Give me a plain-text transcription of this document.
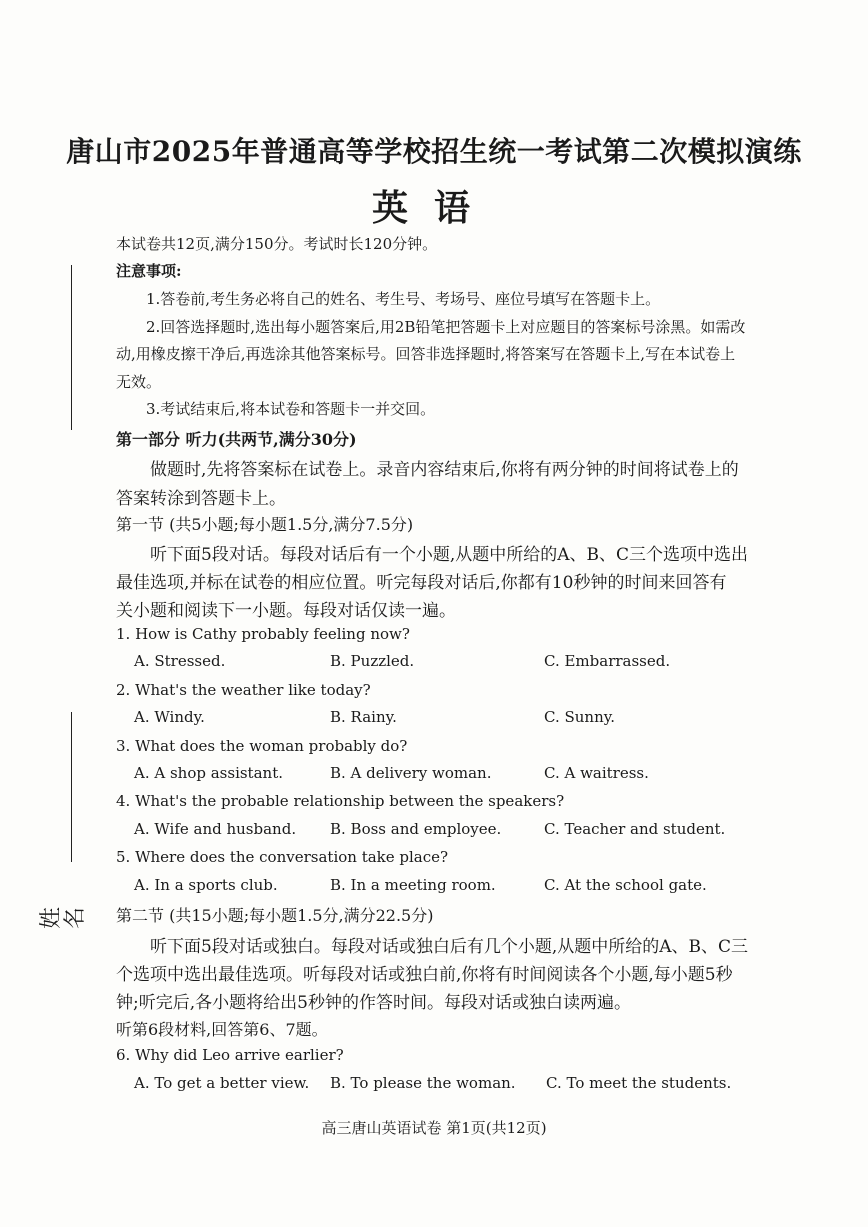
唐山市2025年普通高等学校招生统一考试第二次模拟演练
英语
本试卷共12页,满分150分。考试时长120分钟。
注意事项:
1.答卷前,考生务必将自己的姓名、考生号、考场号、座位号填写在答题卡上。
2.回答选择题时,选出每小题答案后,用2B铅笔把答题卡上对应题目的答案标号涂黑。如需改
动,用橡皮擦干净后,再选涂其他答案标号。回答非选择题时,将答案写在答题卡上,写在本试卷上
无效。
3.考试结束后,将本试卷和答题卡一并交回。
第一部分 听力(共两节,满分30分)
做题时,先将答案标在试卷上。录音内容结束后,你将有两分钟的时间将试卷上的
答案转涂到答题卡上。
第一节 (共5小题;每小题1.5分,满分7.5分)
听下面5段对话。每段对话后有一个小题,从题中所给的A、B、C三个选项中选出
最佳选项,并标在试卷的相应位置。听完每段对话后,你都有10秒钟的时间来回答有
关小题和阅读下一小题。每段对话仅读一遍。
1. How is Cathy probably feeling now?
A. Stressed.	B. Puzzled.	C. Embarrassed.
2. What's the weather like today?
A. Windy.	B. Rainy.	C. Sunny.
3. What does the woman probably do?
A. A shop assistant.	B. A delivery woman.	C. A waitress.
4. What's the probable relationship between the speakers?
A. Wife and husband. B. Boss and employee.	C. Teacher and student.
5. Where does the conversation take place?
A. In a sports club.	B. In a meeting room.	C. At the school gate.
第二节 (共15小题;每小题1.5分,满分22.5分)
听下面5段对话或独白。每段对话或独白后有几个小题,从题中所给的A、B、C三
个选项中选出最佳选项。听每段对话或独白前,你将有时间阅读各个小题,每小题5秒
钟;听完后,各小题将给出5秒钟的作答时间。每段对话或独白读两遍。
听第6段材料,回答第6、7题。
6. Why did Leo arrive earlier?
A. To get a better view. B. To please the woman. C. To meet the students.
姓名
高三唐山英语试卷 第1页(共12页)
